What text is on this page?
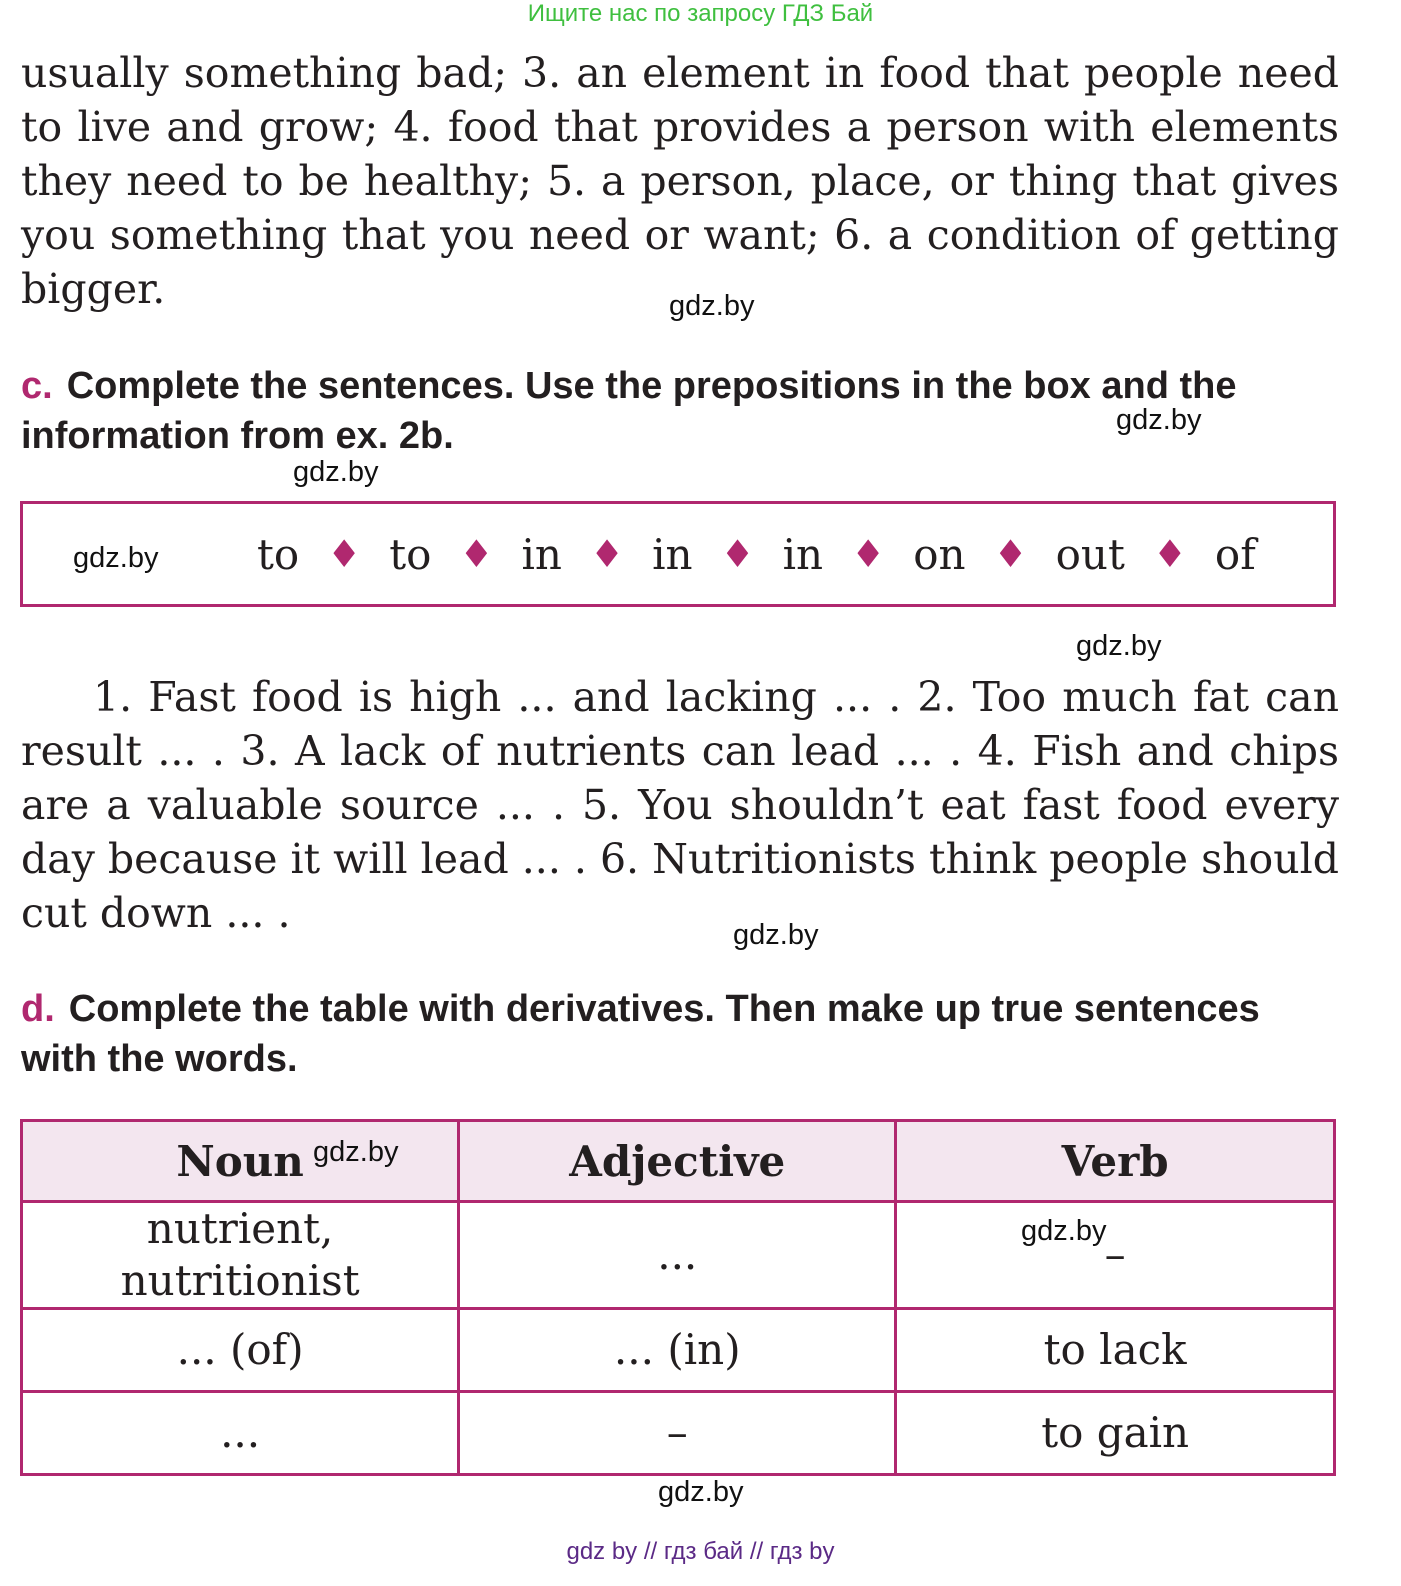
Ищите нас по запросу ГДЗ Бай

usually something bad; 3. an element in food that people need to live and grow; 4. food that provides a person with elements they need to be healthy; 5. a person, place, or thing that gives you something that you need or want; 6. a condition of getting bigger.	gdz.by

c. Complete the sentences. Use the prepositions in the box and the information from ex. 2b.	gdz.by
gdz.by
gdz.by to ♦ to ♦ in ♦ in ♦ in ♦ on ♦ out ♦ of
gdz.by

1. Fast food is high ... and lacking ... . 2. Too much fat can result ... . 3. A lack of nutrients can lead ... . 4. Fish and chips are a valuable source ... . 5. You shouldn’t eat fast food every day because it will lead ... . 6. Nutritionists think people should cut down ... .	gdz.by

d. Complete the table with derivatives. Then make up true sentences with the words.

Noun	Adjective	Verb
nutrient,
nutritionist	...	–
... (of)	... (in)	to lack
...	–	to gain
gdz.by
gdz.by
gdz.by
gdz by // гдз бай // гдз by
